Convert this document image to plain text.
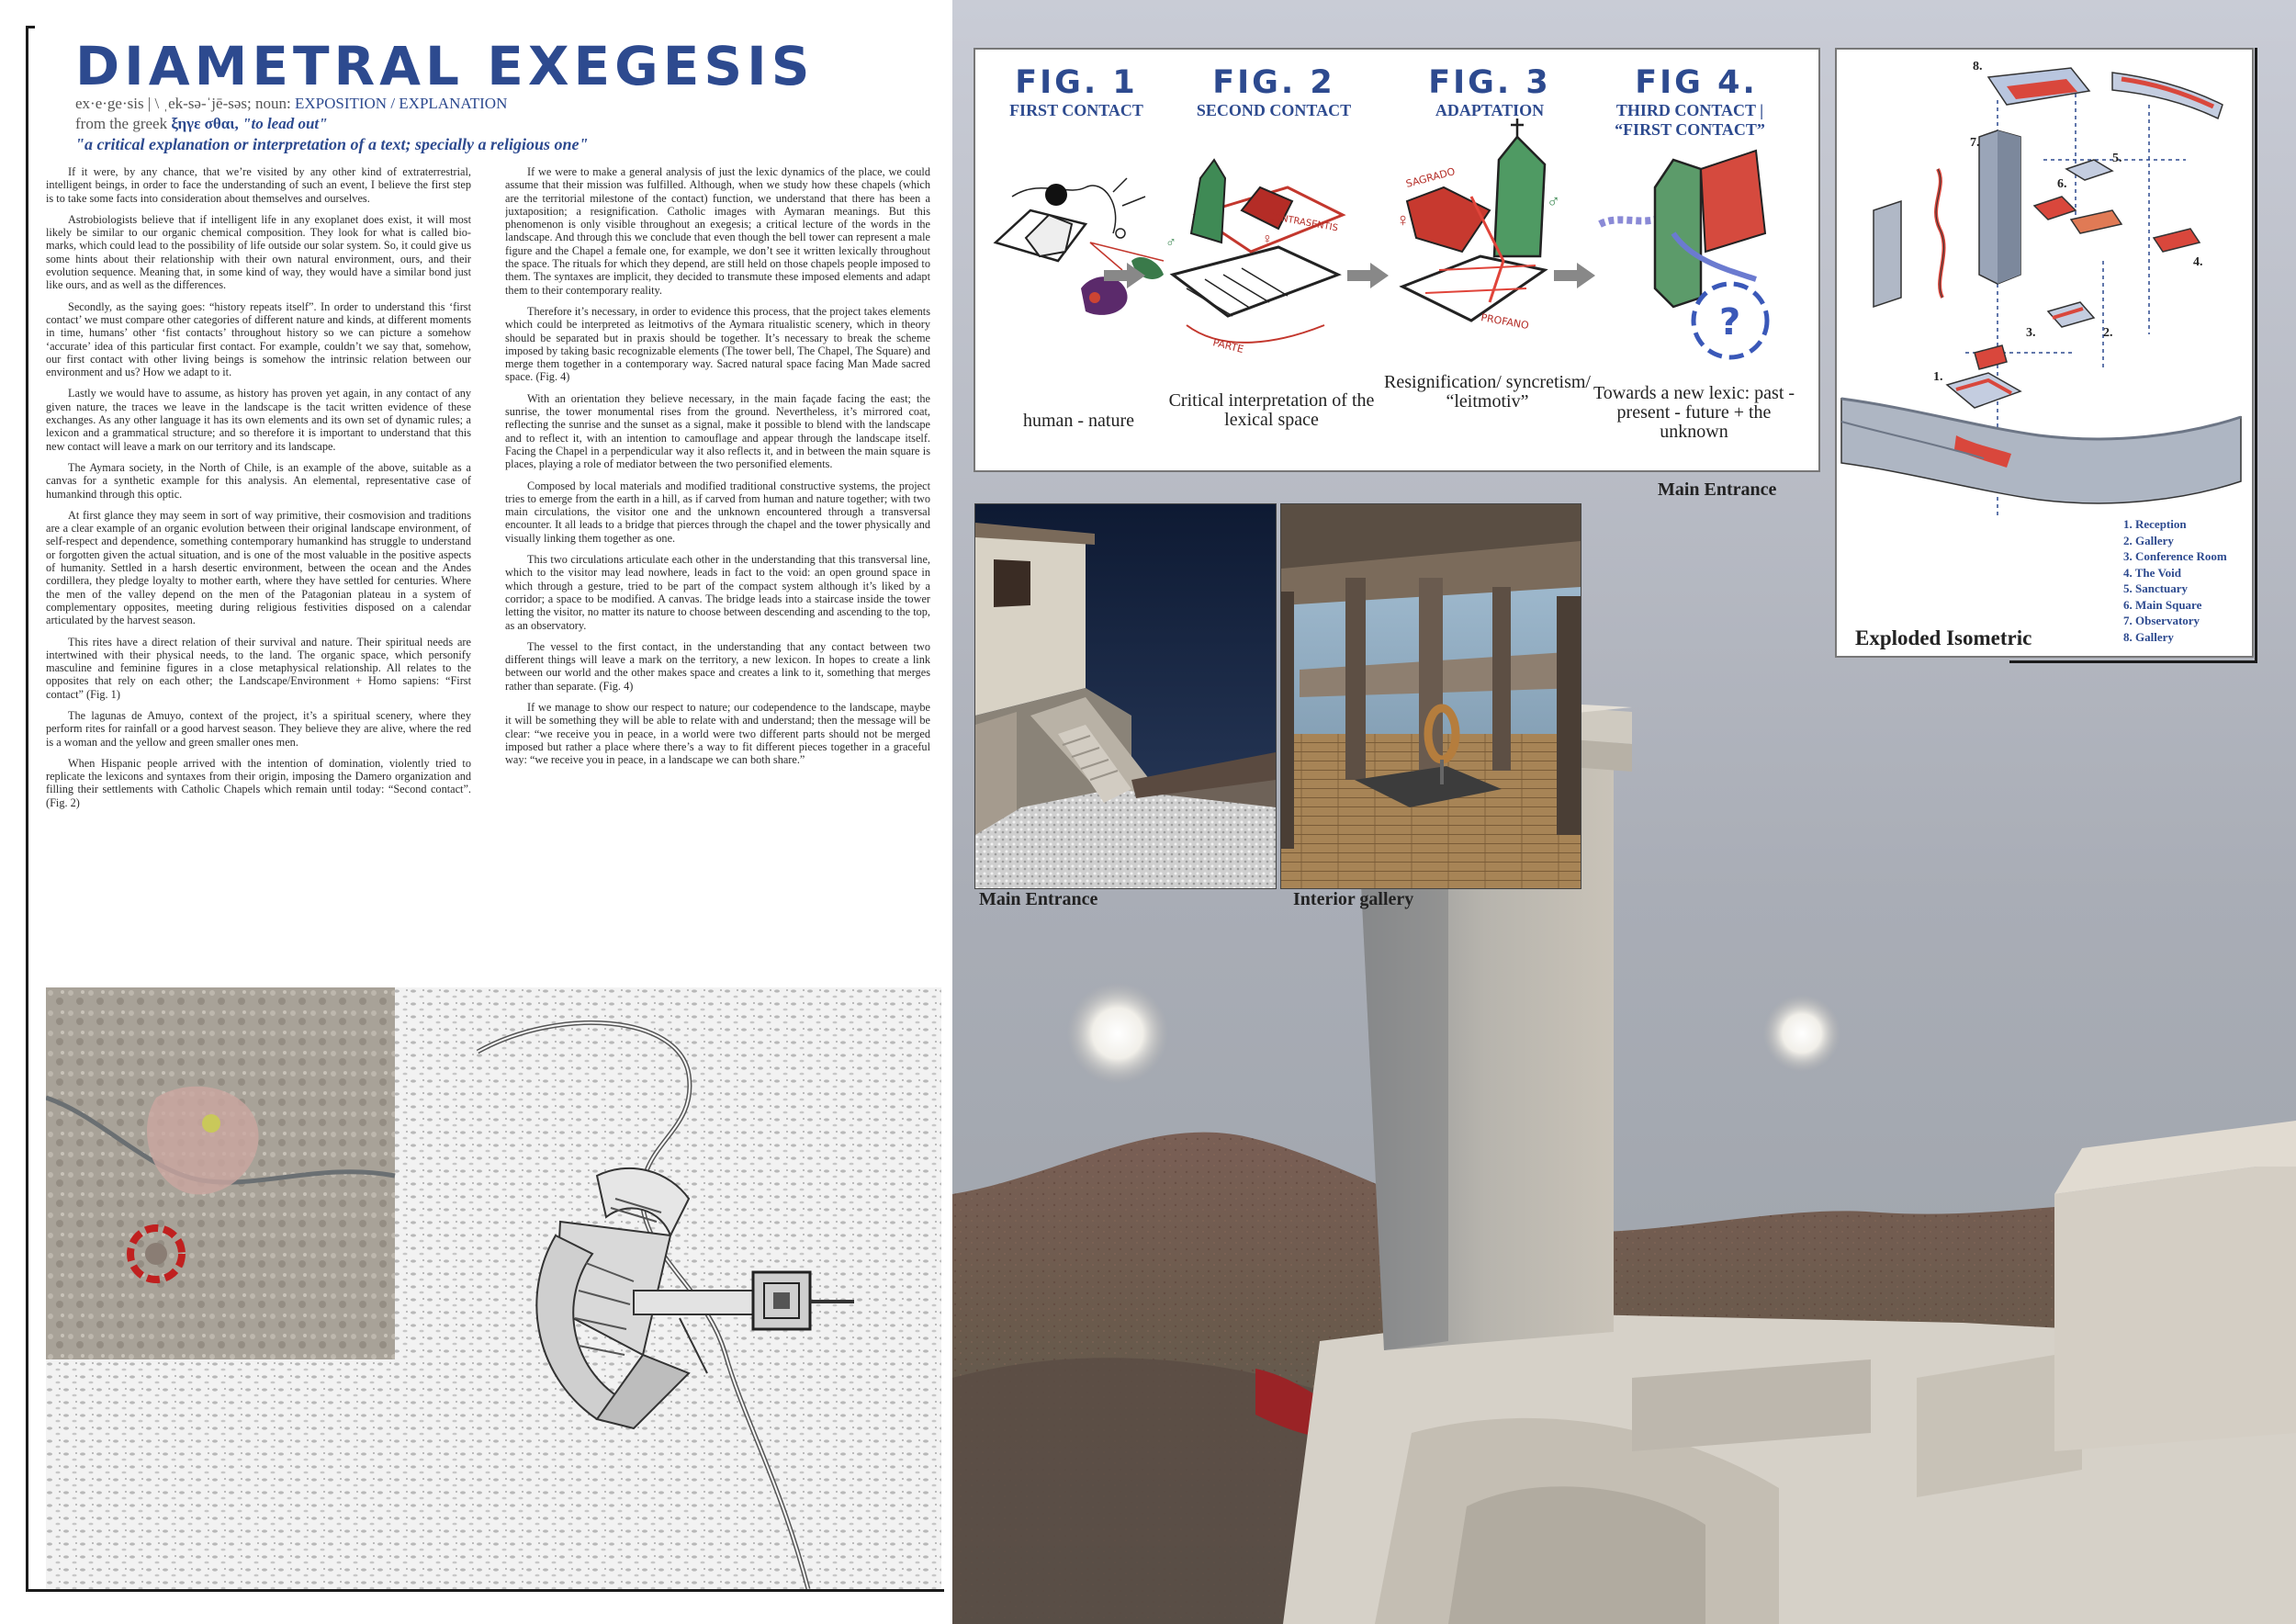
DIAMETRAL EXEGESIS
ex·e·ge·sis | \ ˌek-sə-ˈjē-səs; noun: EXPOSITION / EXPLANATION
from the greek ξηγε σθαι, "to lead out"
"a critical explanation or interpretation of a text; specially a religious one"

If it were, by any chance, that we’re visited by any other kind of extraterrestrial, intelligent beings, in order to face the understanding of such an event, I believe the first step is to take some facts into consideration about themselves and ourselves.

Astrobiologists believe that if intelligent life in any exoplanet does exist, it will most likely be similar to our organic chemical composition. They look for what is called bio-marks, which could lead to the possibility of life outside our solar system. So, it could give us some hints about their relationship with their own natural environment, ours, and their evolution sequence. Meaning that, in some kind of way, they would have a similar bond just like ours, and as well as the differences.

Secondly, as the saying goes: “history repeats itself”. In order to understand this ‘first contact’ we must compare other categories of different nature and kinds, at different moments in time, humans’ other ‘fist contacts’ throughout history so we can picture a somehow ‘accurate’ idea of this particular first contact. For example, couldn’t we say that, somehow, our first contact with other living beings is somehow the intrinsic relation between our environment and us? How we adapt to it.

Lastly we would have to assume, as history has proven yet again, in any contact of any given nature, the traces we leave in the landscape is the tacit written evidence of these exchanges. As any other language it has its own elements and its own set of dynamic rules; a lexicon and a grammatical structure; and so therefore it is important to understand that this new contact will leave a mark on our territory and its landscape.

The Aymara society, in the North of Chile, is an example of the above, suitable as a canvas for a synthetic example for this analysis. An elemental, representative case of humankind through this optic.

At first glance they may seem in sort of way primitive, their cosmovision and traditions are a clear example of an organic evolution between their original landscape environment, of self-respect and dependence, something contemporary humankind has struggle to understand or forgotten given the actual situation, and is one of the most valuable in the positive aspects of humanity. Settled in a harsh desertic environment, between the ocean and the Andes cordillera, they pledge loyalty to mother earth, where they have settled for centuries. Where the men of the valley depend on the men of the Patagonian plateau in a system of complementary opposites, meeting during religious festivities disposed on a calendar articulated by the harvest season.

This rites have a direct relation of their survival and nature. Their spiritual needs are intertwined with their physical needs, to the land. The organic space, which personify masculine and feminine figures in a close metaphysical relationship. All relates to the opposites that rely on each other; the Landscape/Environment + Homo sapiens: “First contact” (Fig. 1)

The lagunas de Amuyo, context of the project, it’s a spiritual scenery, where they perform rites for rainfall or a good harvest season. They believe they are alive, where the red is a woman and the yellow and green smaller ones men.

When Hispanic people arrived with the intention of domination, violently tried to replicate the lexicons and syntaxes from their origin, imposing the Damero organization and filling their settlements with Catholic Chapels which remain until today: “Second contact”. (Fig. 2)

If we were to make a general analysis of just the lexic dynamics of the place, we could assume that their mission was fulfilled. Although, when we study how these chapels (which are the territorial milestone of the contact) function, we understand that there has been a juxtaposition; a resignification. Catholic images with Aymaran meanings. But this phenomenon is only visible throughout an exegesis; a critical lecture of the words in the landscape. And through this we conclude that even though the bell tower can represent a male figure and the Chapel a female one, for example, we don’t see it written lexically throughout the space. The rituals for which they depend, are still held on those chapels people imposed to them. The syntaxes are implicit, they decided to transmute these imposed elements and adapt them to their contemporary reality.

Therefore it’s necessary, in order to evidence this process, that the project takes elements which could be interpreted as leitmotivs of the Aymara ritualistic scenery, which in theory should be separated but in praxis should be together. It’s necessary to break the scheme imposed by taking basic recognizable elements (The tower bell, The Chapel, The Square) and merge them together in a contemporary way. Sacred natural space facing Man Made sacred space. (Fig. 4)

With an orientation they believe necessary, in the main façade facing the east; the sunrise, the tower monumental rises from the ground. Nevertheless, it’s mirrored coat, reflecting the sunrise and the sunset as a signal, make it possible to blend with the landscape and to reflect it, with an intention to camouflage and appear through the landscape itself. Facing the Chapel in a perpendicular way it also reflects it, and in between the main square is places, playing a role of mediator between the two personified elements.

Composed by local materials and modified traditional constructive systems, the project tries to emerge from the earth in a hill, as if carved from human and nature together; with two main circulations, the visitor one and the unknown encountered through a transversal encounter. It all leads to a bridge that pierces through the chapel and the tower physically and visually linking them together as one.

This two circulations articulate each other in the understanding that this transversal line, which to the visitor may lead nowhere, leads in fact to the void: an open ground space in which through a gesture, tried to be part of the compact system although it’s liked by a corridor; a space to be modified. A canvas. The bridge leads into a staircase inside the tower letting the visitor, no matter its nature to choose between descending and ascending to the top, as an observatory.

The vessel to the first contact, in the understanding that any contact between two different things will leave a mark on the territory, a new lexicon. In hopes to create a link between our world and the other makes space and creates a link to it, something that merges rather than separate. (Fig. 4)

If we manage to show our respect to nature; our codependence to the landscape, maybe it will be something they will be able to relate with and understand; then the message will be clear: “we receive you in peace, in a world were two different parts should not be merged imposed but rather a place where there’s a way to fit different pieces together in a graceful way: “we receive you in peace, in a landscape we can both share.”

CONTRASENTIS
PARTE
♂	♀
SAGRADO
PROFANO
♀
♂
?
FIG. 1
FIRST CONTACT
human - nature
FIG. 2
SECOND CONTACT
Critical interpretation of the lexical space
FIG. 3
ADAPTATION
Resignification/ syncretism/ “leitmotiv”
FIG 4.
THIRD CONTACT | “FIRST CONTACT”
Towards a new lexic: past - present - future + the unknown
Main Entrance
Main Entrance	Interior gallery
8.
7.
6.
5.
4.
3.	2.
1.
1. Reception
2. Gallery
3. Conference Room
4. The Void
5. Sanctuary
6. Main Square
7. Observatory
8. Gallery
Exploded Isometric
